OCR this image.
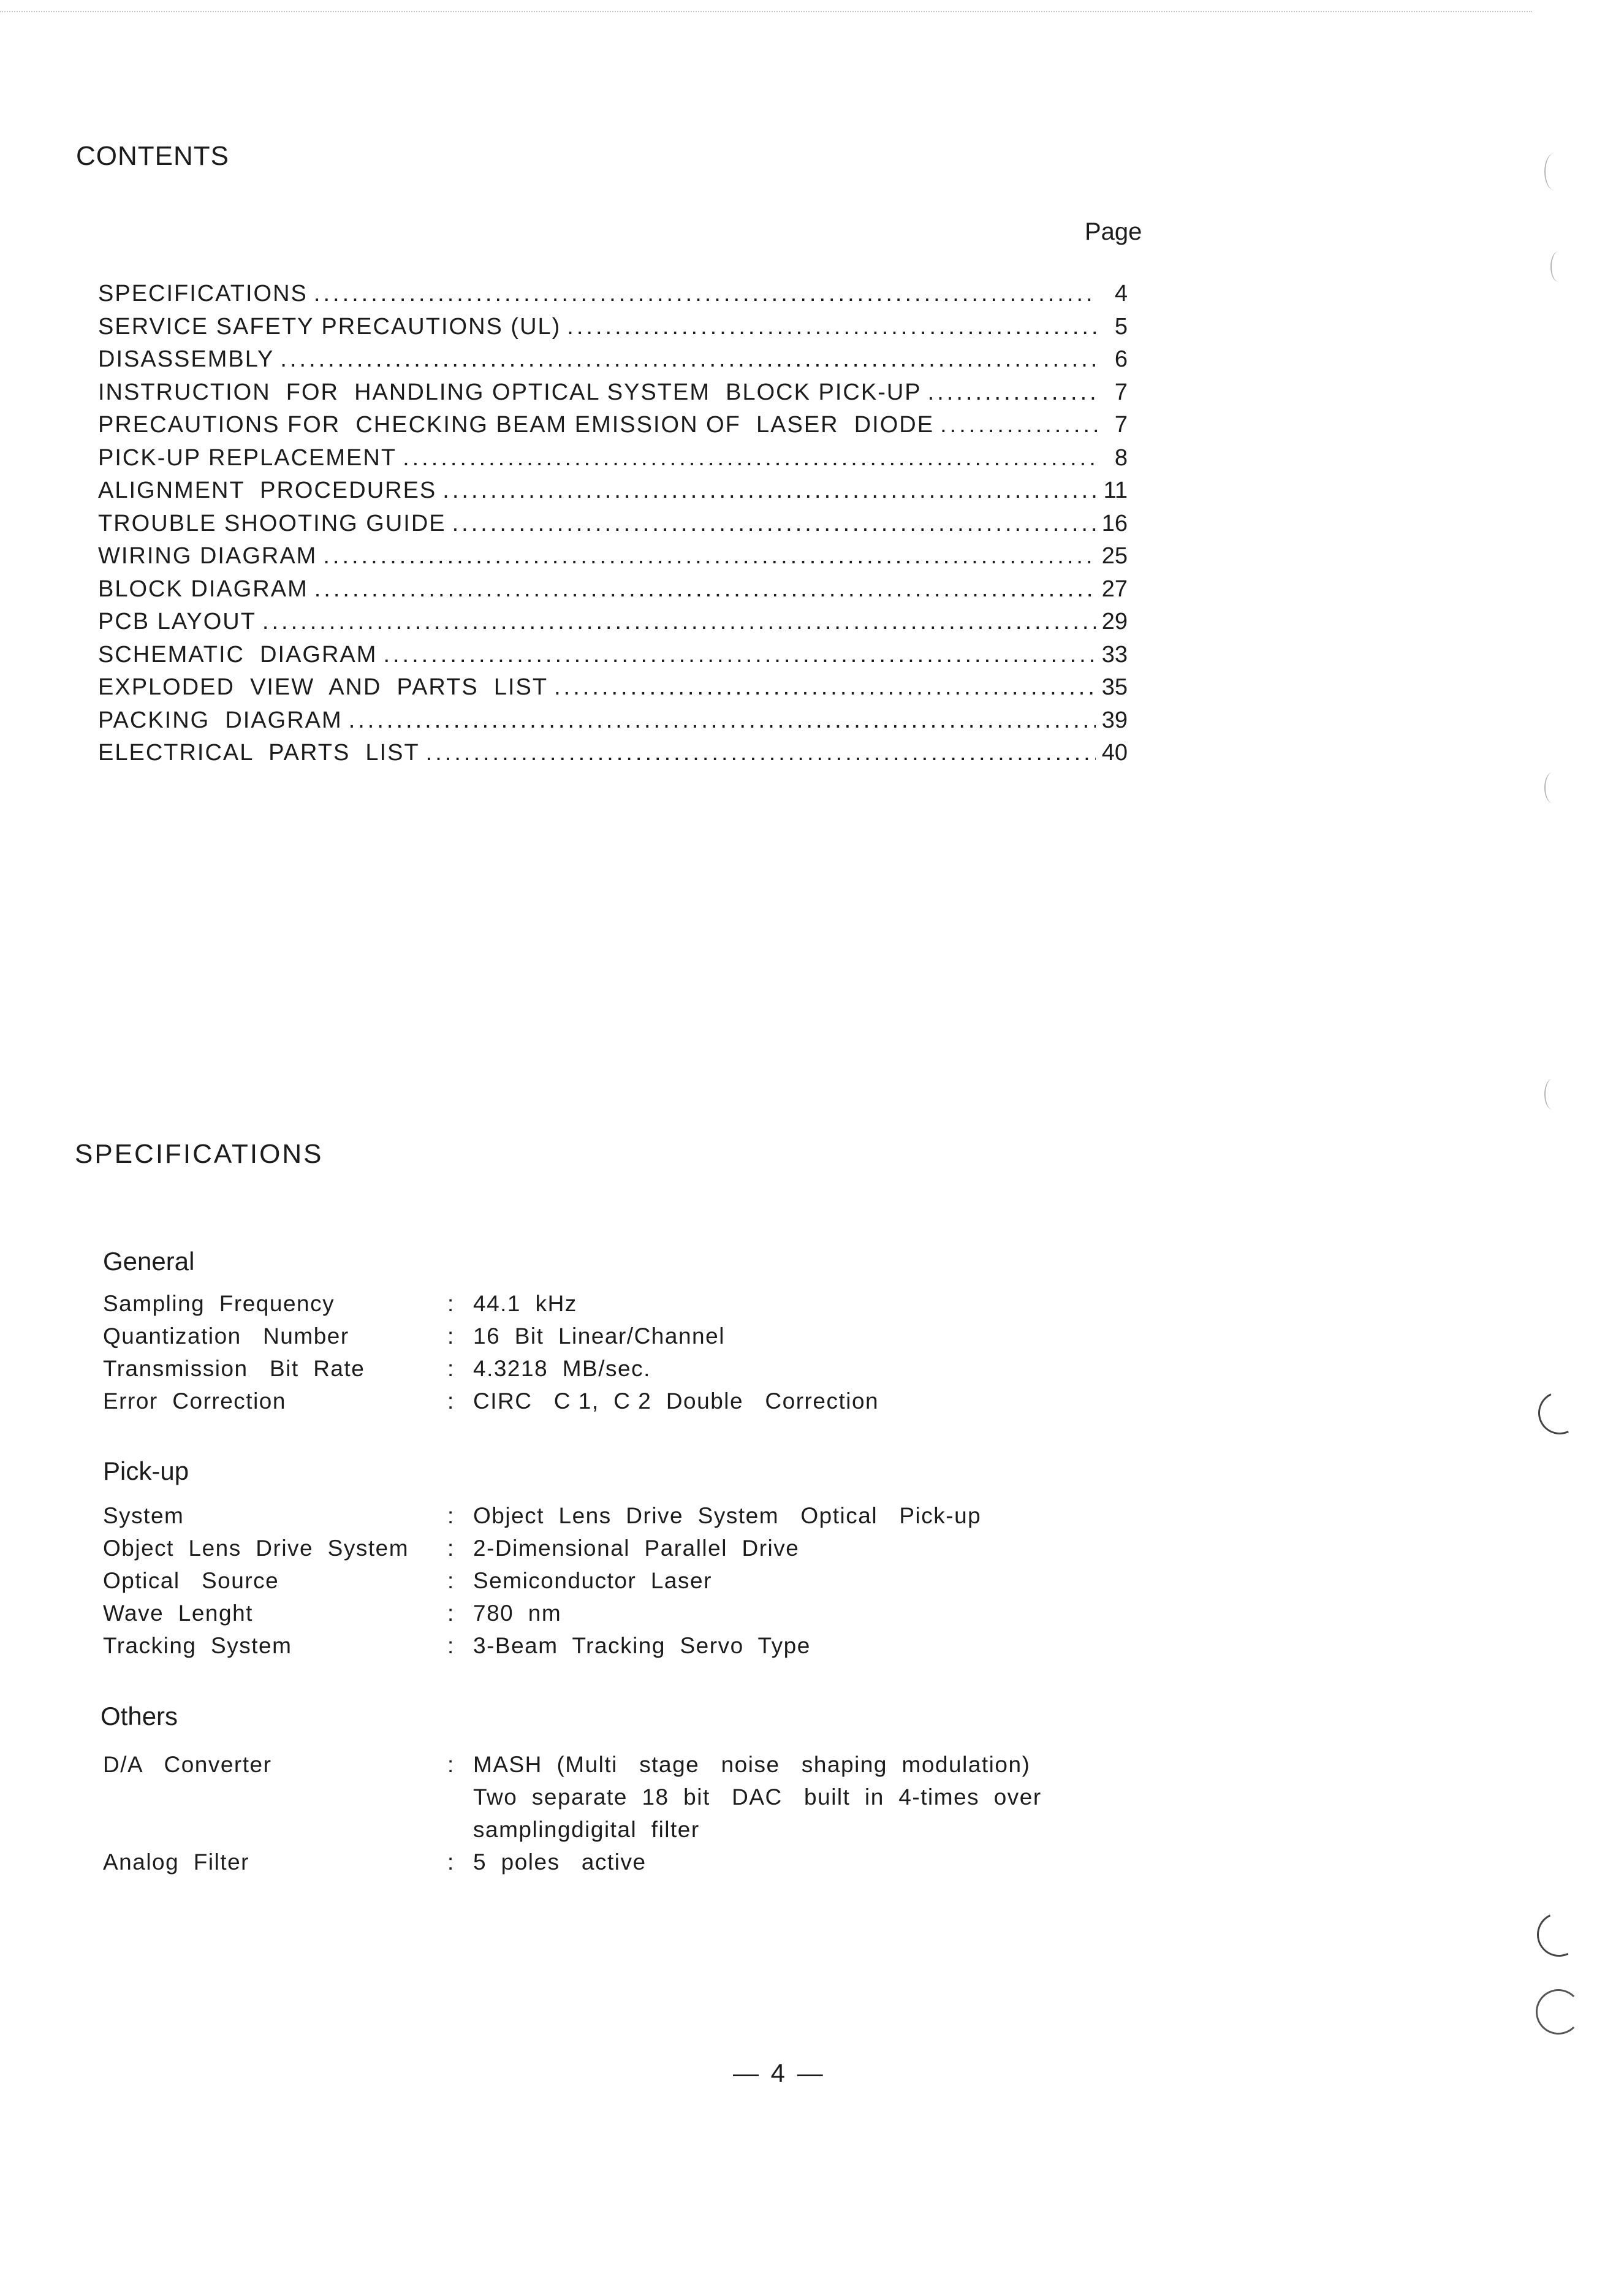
CONTENTS
Page
SPECIFICATIONS .....	4
SERVICE SAFETY PRECAUTIONS (UL) .....	5
DISASSEMBLY .....	6
INSTRUCTION  FOR  HANDLING OPTICAL SYSTEM  BLOCK PICK-UP .....	7
PRECAUTIONS FOR  CHECKING BEAM EMISSION OF  LASER  DIODE .....	7
PICK-UP REPLACEMENT .....	8
ALIGNMENT  PROCEDURES .....	11
TROUBLE SHOOTING GUIDE .....	16
WIRING DIAGRAM .....	25
BLOCK DIAGRAM .....	27
PCB LAYOUT .....	29
SCHEMATIC  DIAGRAM .....	33
EXPLODED  VIEW  AND  PARTS  LIST .....	35
PACKING  DIAGRAM .....	39
ELECTRICAL  PARTS  LIST .....	40
SPECIFICATIONS
General
Sampling  Frequency	: 44.1  kHz
Quantization   Number	: 16  Bit  Linear/Channel
Transmission   Bit  Rate	: 4.3218  MB/sec.
Error  Correction	: CIRC   C 1,  C 2  Double   Correction
Pick-up
System	: Object  Lens  Drive  System   Optical   Pick-up
Object  Lens  Drive  System	: 2-Dimensional  Parallel  Drive
Optical   Source	: Semiconductor  Laser
Wave  Lenght	: 780  nm
Tracking  System	: 3-Beam  Tracking  Servo  Type
Others
D/A   Converter	: MASH  (Multi   stage   noise   shaping  modulation)
Two  separate  18  bit   DAC   built  in  4-times  over
samplingdigital  filter
Analog  Filter	: 5  poles   active
— 4 —
